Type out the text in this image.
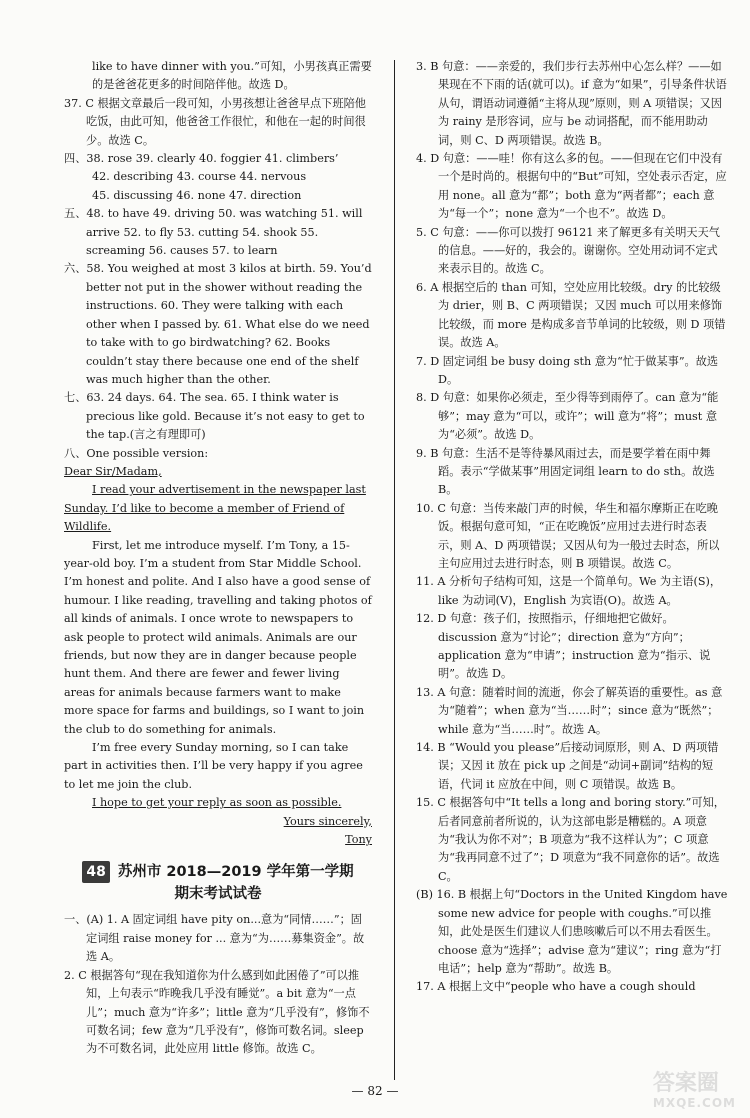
like to have dinner with you.”可知，小男孩真正需要的是爸爸花更多的时间陪伴他。故选 D。

37. C 根据文章最后一段可知，小男孩想让爸爸早点下班陪他吃饭，由此可知，他爸爸工作很忙，和他在一起的时间很少。故选 C。

四、38. rose 39. clearly 40. foggier 41. climbers’

42. describing 43. course 44. nervous

45. discussing 46. none 47. direction

五、48. to have 49. driving 50. was watching 51. will arrive 52. to fly 53. cutting 54. shook 55. screaming 56. causes 57. to learn

六、58. You weighed at most 3 kilos at birth. 59. You’d better not put in the shower without reading the instructions. 60. They were talking with each other when I passed by. 61. What else do we need to take with to go birdwatching? 62. Books couldn’t stay there because one end of the shelf was much higher than the other.

七、63. 24 days. 64. The sea. 65. I think water is precious like gold. Because it’s not easy to get to the tap.(言之有理即可)

八、One possible version:

Dear Sir/Madam,

I read your advertisement in the newspaper last Sunday. I’d like to become a member of Friend of Wildlife.

First, let me introduce myself. I’m Tony, a 15-year-old boy. I’m a student from Star Middle School. I’m honest and polite. And I also have a good sense of humour. I like reading, travelling and taking photos of all kinds of animals. I once wrote to newspapers to ask people to protect wild animals. Animals are our friends, but now they are in danger because people hunt them. And there are fewer and fewer living areas for animals because farmers want to make more space for farms and buildings, so I want to join the club to do something for animals.

I’m free every Sunday morning, so I can take part in activities then. I’ll be very happy if you agree to let me join the club.

I hope to get your reply as soon as possible.

Yours sincerely,

Tony

48 苏州市 2018—2019 学年第一学期
期末考试试卷

一、(A) 1. A 固定词组 have pity on...意为“同情……”；固定词组 raise money for ... 意为“为……募集资金”。故选 A。

2. C 根据答句“现在我知道你为什么感到如此困倦了”可以推知，上句表示“昨晚我几乎没有睡觉”。a bit 意为“一点儿”；much 意为“许多”；little 意为“几乎没有”，修饰不可数名词；few 意为“几乎没有”，修饰可数名词。sleep 为不可数名词，此处应用 little 修饰。故选 C。

3. B 句意：——亲爱的，我们步行去苏州中心怎么样？——如果现在不下雨的话(就可以)。if 意为“如果”，引导条件状语从句，谓语动词遵循“主将从现”原则，则 A 项错误；又因为 rainy 是形容词，应与 be 动词搭配，而不能用助动词，则 C、D 两项错误。故选 B。

4. D 句意：——哇！你有这么多的包。——但现在它们中没有一个是时尚的。根据句中的“But”可知，空处表示否定，应用 none。all 意为“都”；both 意为“两者都”；each 意为“每一个”；none 意为“一个也不”。故选 D。

5. C 句意：——你可以拨打 96121 来了解更多有关明天天气的信息。——好的，我会的。谢谢你。空处用动词不定式来表示目的。故选 C。

6. A 根据空后的 than 可知，空处应用比较级。dry 的比较级为 drier，则 B、C 两项错误；又因 much 可以用来修饰比较级，而 more 是构成多音节单词的比较级，则 D 项错误。故选 A。

7. D 固定词组 be busy doing sth 意为“忙于做某事”。故选 D。

8. D 句意：如果你必须走，至少得等到雨停了。can 意为“能够”；may 意为“可以，或许”；will 意为“将”；must 意为“必须”。故选 D。

9. B 句意：生活不是等待暴风雨过去，而是要学着在雨中舞蹈。表示“学做某事”用固定词组 learn to do sth。故选 B。

10. C 句意：当传来敲门声的时候，华生和福尔摩斯正在吃晚饭。根据句意可知，“正在吃晚饭”应用过去进行时态表示，则 A、D 两项错误；又因从句为一般过去时态，所以主句应用过去进行时态，则 B 项错误。故选 C。

11. A 分析句子结构可知，这是一个简单句。We 为主语(S)，like 为动词(V)，English 为宾语(O)。故选 A。

12. D 句意：孩子们，按照指示，仔细地把它做好。discussion 意为“讨论”；direction 意为“方向”；application 意为“申请”；instruction 意为“指示、说明”。故选 D。

13. A 句意：随着时间的流逝，你会了解英语的重要性。as 意为“随着”；when 意为“当……时”；since 意为“既然”；while 意为“当……时”。故选 A。

14. B “Would you please”后接动词原形，则 A、D 两项错误；又因 it 放在 pick up 之间是“动词+副词”结构的短语，代词 it 应放在中间，则 C 项错误。故选 B。

15. C 根据答句中“It tells a long and boring story.”可知，后者同意前者所说的，认为这部电影是糟糕的。A 项意为“我认为你不对”；B 项意为“我不这样认为”；C 项意为“我再同意不过了”；D 项意为“我不同意你的话”。故选 C。

(B) 16. B 根据上句“Doctors in the United Kingdom have some new advice for people with coughs.”可以推知，此处是医生们建议人们患咳嗽后可以不用去看医生。choose 意为“选择”；advise 意为“建议”；ring 意为“打电话”；help 意为“帮助”。故选 B。

17. A 根据上文中“people who have a cough should

— 82 —	答案圈
MXQE.COM
